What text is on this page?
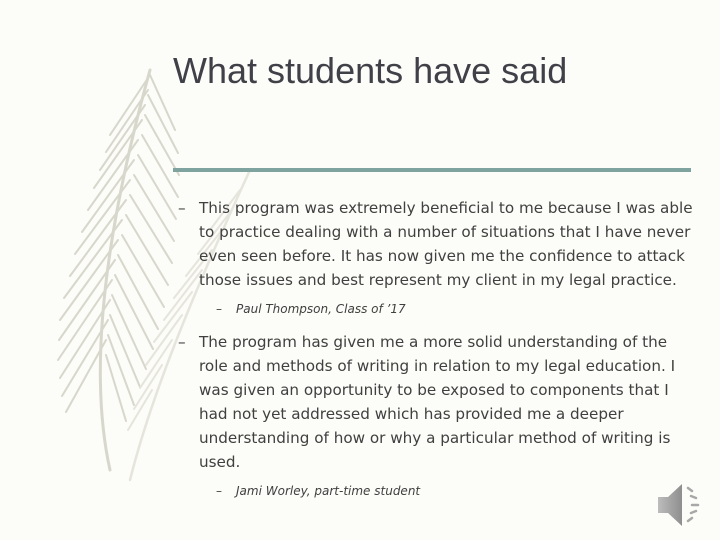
What students have said
– This program was extremely beneficial to me because I was able to practice dealing with a number of situations that I have never even seen before. It has now given me the confidence to attack those issues and best represent my client in my legal practice.
– Paul Thompson, Class of ’17
– The program has given me a more solid understanding of the role and methods of writing in relation to my legal education. I was given an opportunity to be exposed to components that I had not yet addressed which has provided me a deeper understanding of how or why a particular method of writing is used.
– Jami Worley, part-time student
